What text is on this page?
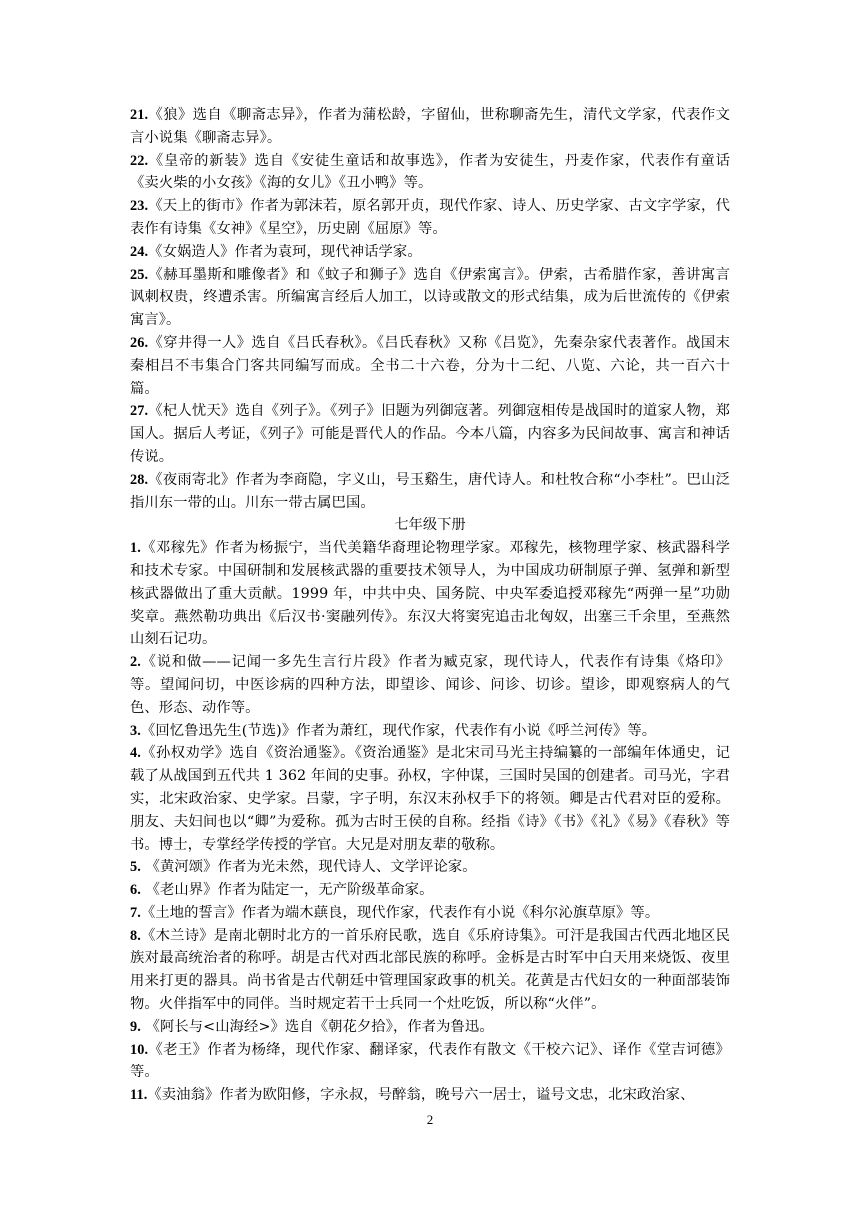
21.《狼》选自《聊斋志异》，作者为蒲松龄，字留仙，世称聊斋先生，清代文学家，代表作文言小说集《聊斋志异》。

22.《皇帝的新装》选自《安徒生童话和故事选》，作者为安徒生，丹麦作家，代表作有童话《卖火柴的小女孩》《海的女儿》《丑小鸭》等。

23.《天上的街市》作者为郭沫若，原名郭开贞，现代作家、诗人、历史学家、古文字学家，代表作有诗集《女神》《星空》，历史剧《屈原》等。

24.《女娲造人》作者为袁珂，现代神话学家。

25.《赫耳墨斯和雕像者》和《蚊子和狮子》选自《伊索寓言》。伊索，古希腊作家，善讲寓言讽刺权贵，终遭杀害。所编寓言经后人加工，以诗或散文的形式结集，成为后世流传的《伊索寓言》。

26.《穿井得一人》选自《吕氏春秋》。《吕氏春秋》又称《吕览》，先秦杂家代表著作。战国末秦相吕不韦集合门客共同编写而成。全书二十六卷，分为十二纪、八览、六论，共一百六十篇。

27.《杞人忧天》选自《列子》。《列子》旧题为列御寇著。列御寇相传是战国时的道家人物，郑国人。据后人考证，《列子》可能是晋代人的作品。今本八篇，内容多为民间故事、寓言和神话传说。

28.《夜雨寄北》作者为李商隐，字义山，号玉谿生，唐代诗人。和杜牧合称“小李杜”。巴山泛指川东一带的山。川东一带古属巴国。

七年级下册

1.《邓稼先》作者为杨振宁，当代美籍华裔理论物理学家。邓稼先，核物理学家、核武器科学和技术专家。中国研制和发展核武器的重要技术领导人，为中国成功研制原子弹、氢弹和新型核武器做出了重大贡献。1999 年，中共中央、国务院、中央军委追授邓稼先“两弹一星”功勋奖章。燕然勒功典出《后汉书·窦融列传》。东汉大将窦宪追击北匈奴，出塞三千余里，至燕然山刻石记功。

2.《说和做——记闻一多先生言行片段》作者为臧克家，现代诗人，代表作有诗集《烙印》等。望闻问切，中医诊病的四种方法，即望诊、闻诊、问诊、切诊。望诊，即观察病人的气色、形态、动作等。

3.《回忆鲁迅先生(节选)》作者为萧红，现代作家，代表作有小说《呼兰河传》等。

4.《孙权劝学》选自《资治通鉴》。《资治通鉴》是北宋司马光主持编纂的一部编年体通史，记载了从战国到五代共 1 362 年间的史事。孙权，字仲谋，三国时吴国的创建者。司马光，字君实，北宋政治家、史学家。吕蒙，字子明，东汉末孙权手下的将领。卿是古代君对臣的爱称。朋友、夫妇间也以“卿”为爱称。孤为古时王侯的自称。经指《诗》《书》《礼》《易》《春秋》等书。博士，专掌经学传授的学官。大兄是对朋友辈的敬称。

5. 《黄河颂》作者为光未然，现代诗人、文学评论家。

6. 《老山界》作者为陆定一，无产阶级革命家。

7.《土地的誓言》作者为端木蕻良，现代作家，代表作有小说《科尔沁旗草原》等。

8.《木兰诗》是南北朝时北方的一首乐府民歌，选自《乐府诗集》。可汗是我国古代西北地区民族对最高统治者的称呼。胡是古代对西北部民族的称呼。金柝是古时军中白天用来烧饭、夜里用来打更的器具。尚书省是古代朝廷中管理国家政事的机关。花黄是古代妇女的一种面部装饰物。火伴指军中的同伴。当时规定若干士兵同一个灶吃饭，所以称“火伴”。

9. 《阿长与<山海经>》选自《朝花夕拾》，作者为鲁迅。

10.《老王》作者为杨绛，现代作家、翻译家，代表作有散文《干校六记》、译作《堂吉诃德》等。

11.《卖油翁》作者为欧阳修，字永叔，号醉翁，晚号六一居士，谥号文忠，北宋政治家、

2
